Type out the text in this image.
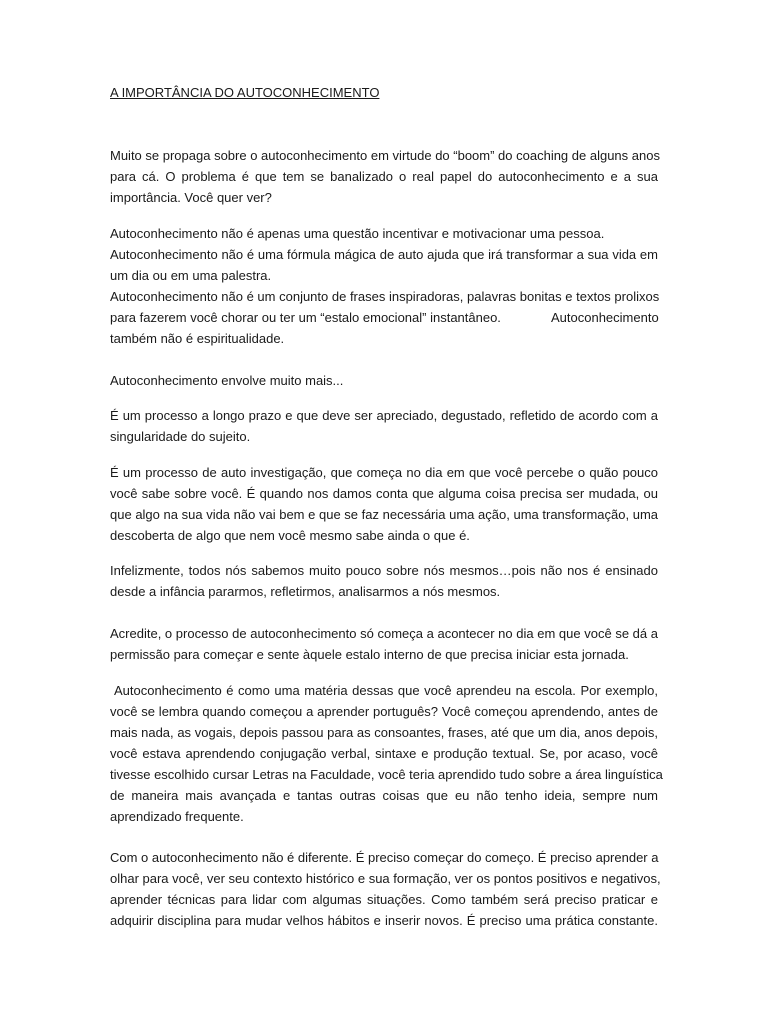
A IMPORTÂNCIA DO AUTOCONHECIMENTO
Muito se propaga sobre o autoconhecimento em virtude do “boom” do coaching de alguns anos
para cá. O problema é que tem se banalizado o real papel do autoconhecimento e a sua
importância. Você quer ver?
Autoconhecimento não é apenas uma questão incentivar e motivacionar uma pessoa.
Autoconhecimento não é uma fórmula mágica de auto ajuda que irá transformar a sua vida em
um dia ou em uma palestra.
Autoconhecimento não é um conjunto de frases inspiradoras, palavras bonitas e textos prolixos
para fazerem você chorar ou ter um “estalo emocional” instantâneo.	Autoconhecimento
também não é espiritualidade.
Autoconhecimento envolve muito mais...
É um processo a longo prazo e que deve ser apreciado, degustado, refletido de acordo com a
singularidade do sujeito.
É um processo de auto investigação, que começa no dia em que você percebe o quão pouco
você sabe sobre você. É quando nos damos conta que alguma coisa precisa ser mudada, ou
que algo na sua vida não vai bem e que se faz necessária uma ação, uma transformação, uma
descoberta de algo que nem você mesmo sabe ainda o que é.
Infelizmente, todos nós sabemos muito pouco sobre nós mesmos…pois não nos é ensinado
desde a infância pararmos, refletirmos, analisarmos a nós mesmos.
Acredite, o processo de autoconhecimento só começa a acontecer no dia em que você se dá a
permissão para começar e sente àquele estalo interno de que precisa iniciar esta jornada.
Autoconhecimento é como uma matéria dessas que você aprendeu na escola. Por exemplo,
você se lembra quando começou a aprender português? Você começou aprendendo, antes de
mais nada, as vogais, depois passou para as consoantes, frases, até que um dia, anos depois,
você estava aprendendo conjugação verbal, sintaxe e produção textual. Se, por acaso, você
tivesse escolhido cursar Letras na Faculdade, você teria aprendido tudo sobre a área linguística
de maneira mais avançada e tantas outras coisas que eu não tenho ideia, sempre num
aprendizado frequente.
Com o autoconhecimento não é diferente. É preciso começar do começo. É preciso aprender a
olhar para você, ver seu contexto histórico e sua formação, ver os pontos positivos e negativos,
aprender técnicas para lidar com algumas situações. Como também será preciso praticar e
adquirir disciplina para mudar velhos hábitos e inserir novos. É preciso uma prática constante.
